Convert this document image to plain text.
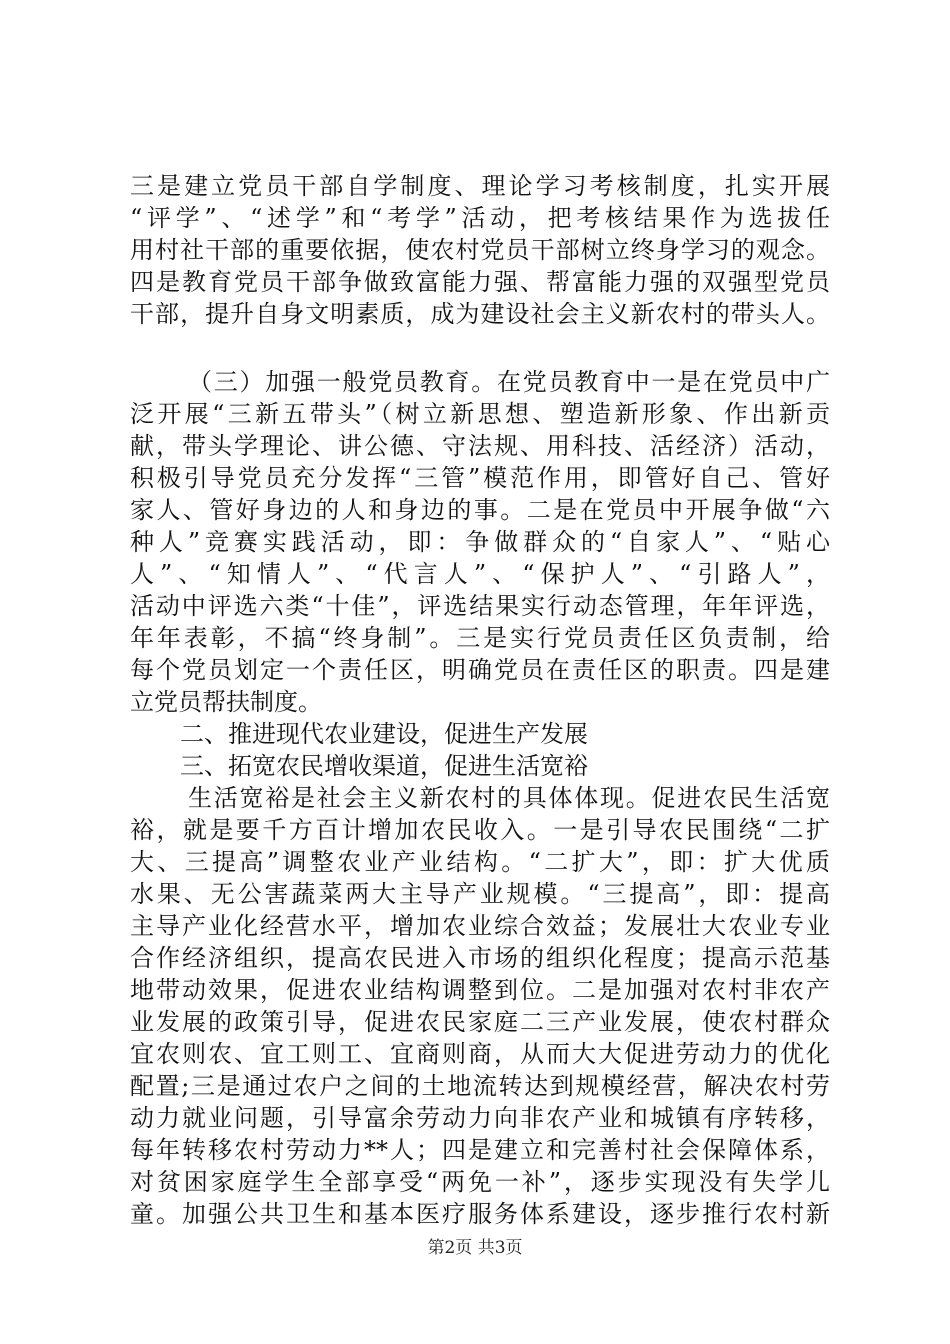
三是建立党员干部自学制度、理论学习考核制度，扎实开展
“评学”、“述学”和“考学”活动，把考核结果作为选拔任
用村社干部的重要依据，使农村党员干部树立终身学习的观念。
四是教育党员干部争做致富能力强、帮富能力强的双强型党员
干部，提升自身文明素质，成为建设社会主义新农村的带头人。
（三）加强一般党员教育。在党员教育中一是在党员中广
泛开展“三新五带头”（树立新思想、塑造新形象、作出新贡
献，带头学理论、讲公德、守法规、用科技、活经济）活动，
积极引导党员充分发挥“三管”模范作用，即管好自己、管好
家人、管好身边的人和身边的事。二是在党员中开展争做“六
种人”竞赛实践活动，即：争做群众的“自家人”、“贴心
人”、“知情人”、“代言人”、“保护人”、“引路人”，
活动中评选六类“十佳”，评选结果实行动态管理，年年评选，
年年表彰，不搞“终身制”。三是实行党员责任区负责制，给
每个党员划定一个责任区，明确党员在责任区的职责。四是建
立党员帮扶制度。
二、推进现代农业建设，促进生产发展
三、拓宽农民增收渠道，促进生活宽裕
生活宽裕是社会主义新农村的具体体现。促进农民生活宽
裕，就是要千方百计增加农民收入。一是引导农民围绕“二扩
大、三提高”调整农业产业结构。“二扩大”，即：扩大优质
水果、无公害蔬菜两大主导产业规模。“三提高”，即：提高
主导产业化经营水平，增加农业综合效益；发展壮大农业专业
合作经济组织，提高农民进入市场的组织化程度；提高示范基
地带动效果，促进农业结构调整到位。二是加强对农村非农产
业发展的政策引导，促进农民家庭二三产业发展，使农村群众
宜农则农、宜工则工、宜商则商，从而大大促进劳动力的优化
配置;三是通过农户之间的土地流转达到规模经营，解决农村劳
动力就业问题，引导富余劳动力向非农产业和城镇有序转移，
每年转移农村劳动力**人；四是建立和完善村社会保障体系，
对贫困家庭学生全部享受“两免一补”，逐步实现没有失学儿
童。加强公共卫生和基本医疗服务体系建设，逐步推行农村新
第2页 共3页
